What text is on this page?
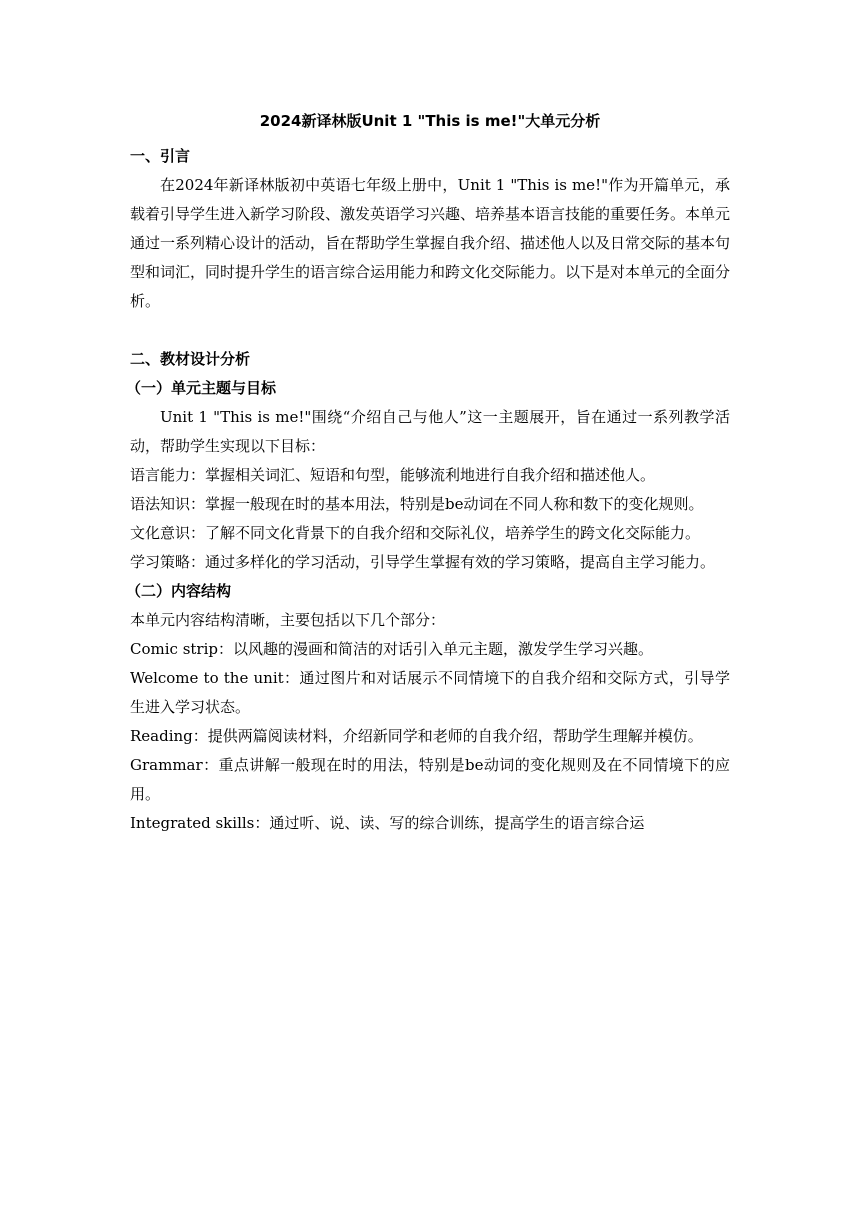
2024新译林版Unit 1 "This is me!"大单元分析

一、引言

在2024年新译林版初中英语七年级上册中，Unit 1 "This is me!"作为开篇单元，承载着引导学生进入新学习阶段、激发英语学习兴趣、培养基本语言技能的重要任务。本单元通过一系列精心设计的活动，旨在帮助学生掌握自我介绍、描述他人以及日常交际的基本句型和词汇，同时提升学生的语言综合运用能力和跨文化交际能力。以下是对本单元的全面分析。

二、教材设计分析

（一）单元主题与目标

Unit 1 "This is me!"围绕“介绍自己与他人”这一主题展开，旨在通过一系列教学活动，帮助学生实现以下目标：

语言能力：掌握相关词汇、短语和句型，能够流利地进行自我介绍和描述他人。

语法知识：掌握一般现在时的基本用法，特别是be动词在不同人称和数下的变化规则。

文化意识：了解不同文化背景下的自我介绍和交际礼仪，培养学生的跨文化交际能力。

学习策略：通过多样化的学习活动，引导学生掌握有效的学习策略，提高自主学习能力。

（二）内容结构

本单元内容结构清晰，主要包括以下几个部分：

Comic strip：以风趣的漫画和简洁的对话引入单元主题，激发学生学习兴趣。

Welcome to the unit：通过图片和对话展示不同情境下的自我介绍和交际方式，引导学生进入学习状态。

Reading：提供两篇阅读材料，介绍新同学和老师的自我介绍，帮助学生理解并模仿。

Grammar：重点讲解一般现在时的用法，特别是be动词的变化规则及在不同情境下的应用。

Integrated skills：通过听、说、读、写的综合训练，提高学生的语言综合运
